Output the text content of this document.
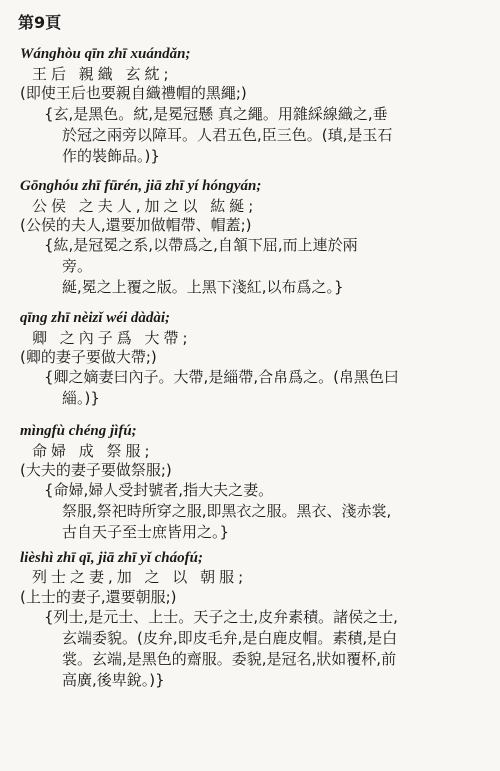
第9頁
Wánghòu qīn zhī xuándǎn;
王后 親織 玄紞;
(即使王后也要親自織禮帽的黑繩;)
{玄,是黑色。紞,是冕冠懸 真之繩。用雜綵線織之,垂
於冠之兩旁以障耳。人君五色,臣三色。(瑱,是玉石
作的裝飾品。)}
Gōnghóu zhī fūrén, jiā zhī yí hóngyán;
公侯 之夫人,加之以 紘綖;
(公侯的夫人,還要加做帽帶、帽蓋;)
{紘,是冠冕之系,以帶爲之,自頷下屈,而上連於兩
旁。
綖,冕之上覆之版。上黑下淺紅,以布爲之。}
qīng zhī nèizǐ wéi dàdài;
卿 之內子爲 大帶;
(卿的妻子要做大帶;)
{卿之嫡妻曰內子。大帶,是緇帶,合帛爲之。(帛黑色曰
緇。)}
mìngfù chéng jìfú;
命婦 成 祭服;
(大夫的妻子要做祭服;)
{命婦,婦人受封號者,指大夫之妻。
祭服,祭祀時所穿之服,即黑衣之服。黑衣、淺赤裳,
古自天子至士庶皆用之。}
lièshì zhī qī, jiā zhī yǐ cháofú;
列士之妻,加 之 以 朝服;
(上士的妻子,還要朝服;)
{列士,是元士、上士。天子之士,皮弁素積。諸侯之士,
玄端委貌。(皮弁,即皮毛弁,是白鹿皮帽。素積,是白
裳。玄端,是黑色的齋服。委貌,是冠名,狀如覆杯,前
高廣,後卑銳。)}
